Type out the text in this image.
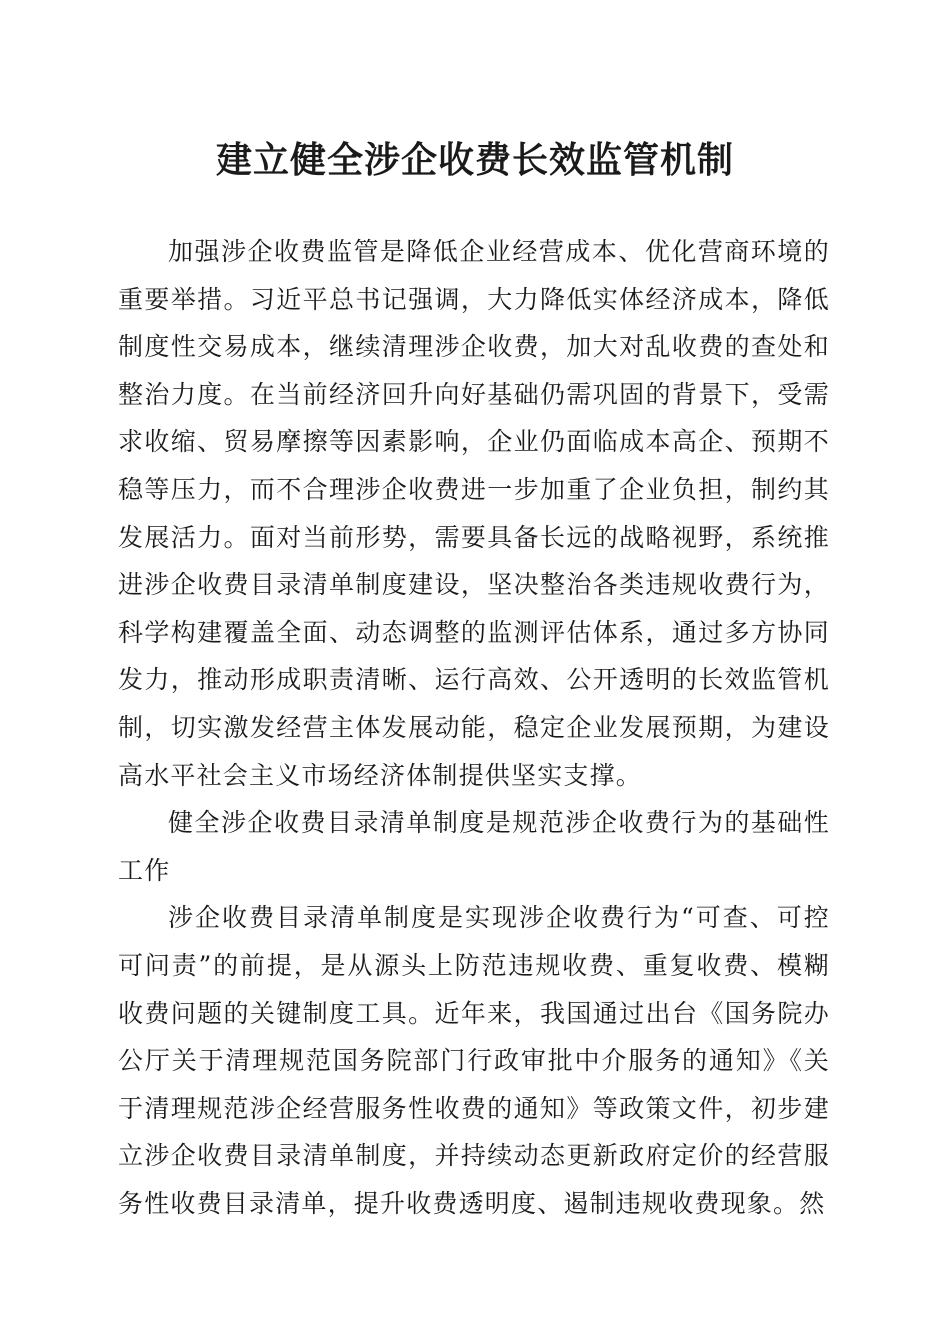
建立健全涉企收费长效监管机制

加强涉企收费监管是降低企业经营成本、优化营商环境的重要举措。习近平总书记强调，大力降低实体经济成本，降低制度性交易成本，继续清理涉企收费，加大对乱收费的查处和整治力度。在当前经济回升向好基础仍需巩固的背景下，受需求收缩、贸易摩擦等因素影响，企业仍面临成本高企、预期不稳等压力，而不合理涉企收费进一步加重了企业负担，制约其发展活力。面对当前形势，需要具备长远的战略视野，系统推进涉企收费目录清单制度建设，坚决整治各类违规收费行为，科学构建覆盖全面、动态调整的监测评估体系，通过多方协同发力，推动形成职责清晰、运行高效、公开透明的长效监管机制，切实激发经营主体发展动能，稳定企业发展预期，为建设高水平社会主义市场经济体制提供坚实支撑。

健全涉企收费目录清单制度是规范涉企收费行为的基础性工作

涉企收费目录清单制度是实现涉企收费行为“可查、可控可问责”的前提，是从源头上防范违规收费、重复收费、模糊收费问题的关键制度工具。近年来，我国通过出台《国务院办公厅关于清理规范国务院部门行政审批中介服务的通知》《关于清理规范涉企经营服务性收费的通知》等政策文件，初步建立涉企收费目录清单制度，并持续动态更新政府定价的经营服务性收费目录清单，提升收费透明度、遏制违规收费现象。然
